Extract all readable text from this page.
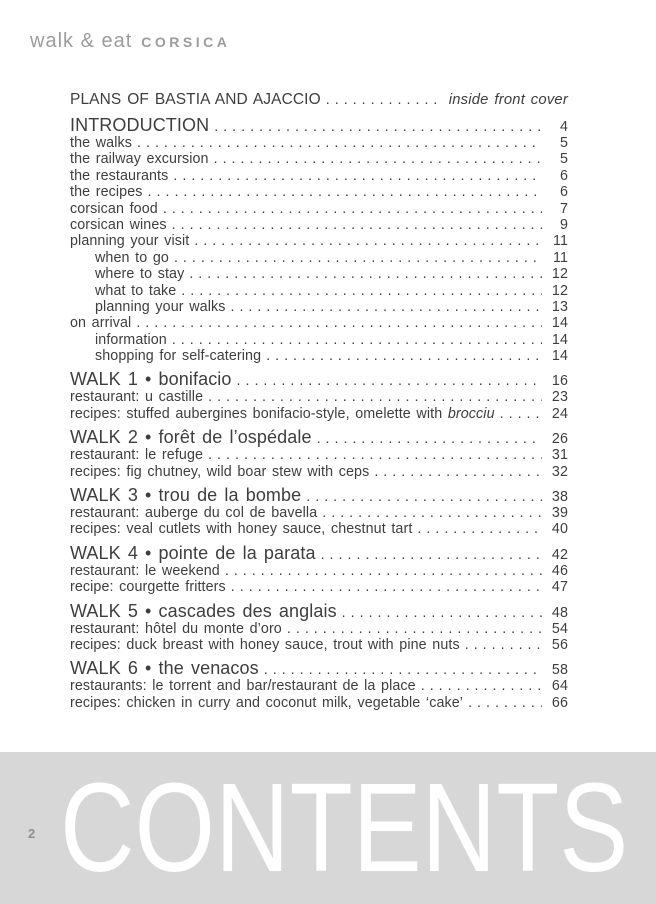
walk & eat CORSICA
PLANS OF BASTIA AND AJACCIO .....	inside front cover
INTRODUCTION .....	4
the walks .....	5
the railway excursion .....	5
the restaurants .....	6
the recipes .....	6
corsican food .....	7
corsican wines .....	9
planning your visit .....	11
when to go .....	11
where to stay .....	12
what to take .....	12
planning your walks .....	13
on arrival .....	14
information .....	14
shopping for self-catering .....	14
WALK 1 • bonifacio .....	16
restaurant: u castille .....	23
recipes: stuffed aubergines bonifacio-style, omelette with brocciu .....	24
WALK 2 • forêt de l’ospédale .....	26
restaurant: le refuge .....	31
recipes: fig chutney, wild boar stew with ceps .....	32
WALK 3 • trou de la bombe .....	38
restaurant: auberge du col de bavella .....	39
recipes: veal cutlets with honey sauce, chestnut tart .....	40
WALK 4 • pointe de la parata .....	42
restaurant: le weekend .....	46
recipe: courgette fritters .....	47
WALK 5 • cascades des anglais .....	48
restaurant: hôtel du monte d’oro .....	54
recipes: duck breast with honey sauce, trout with pine nuts .....	56
WALK 6 • the venacos .....	58
restaurants: le torrent and bar/restaurant de la place .....	64
recipes: chicken in curry and coconut milk, vegetable ‘cake’ .....	66
2 CONTENTS
